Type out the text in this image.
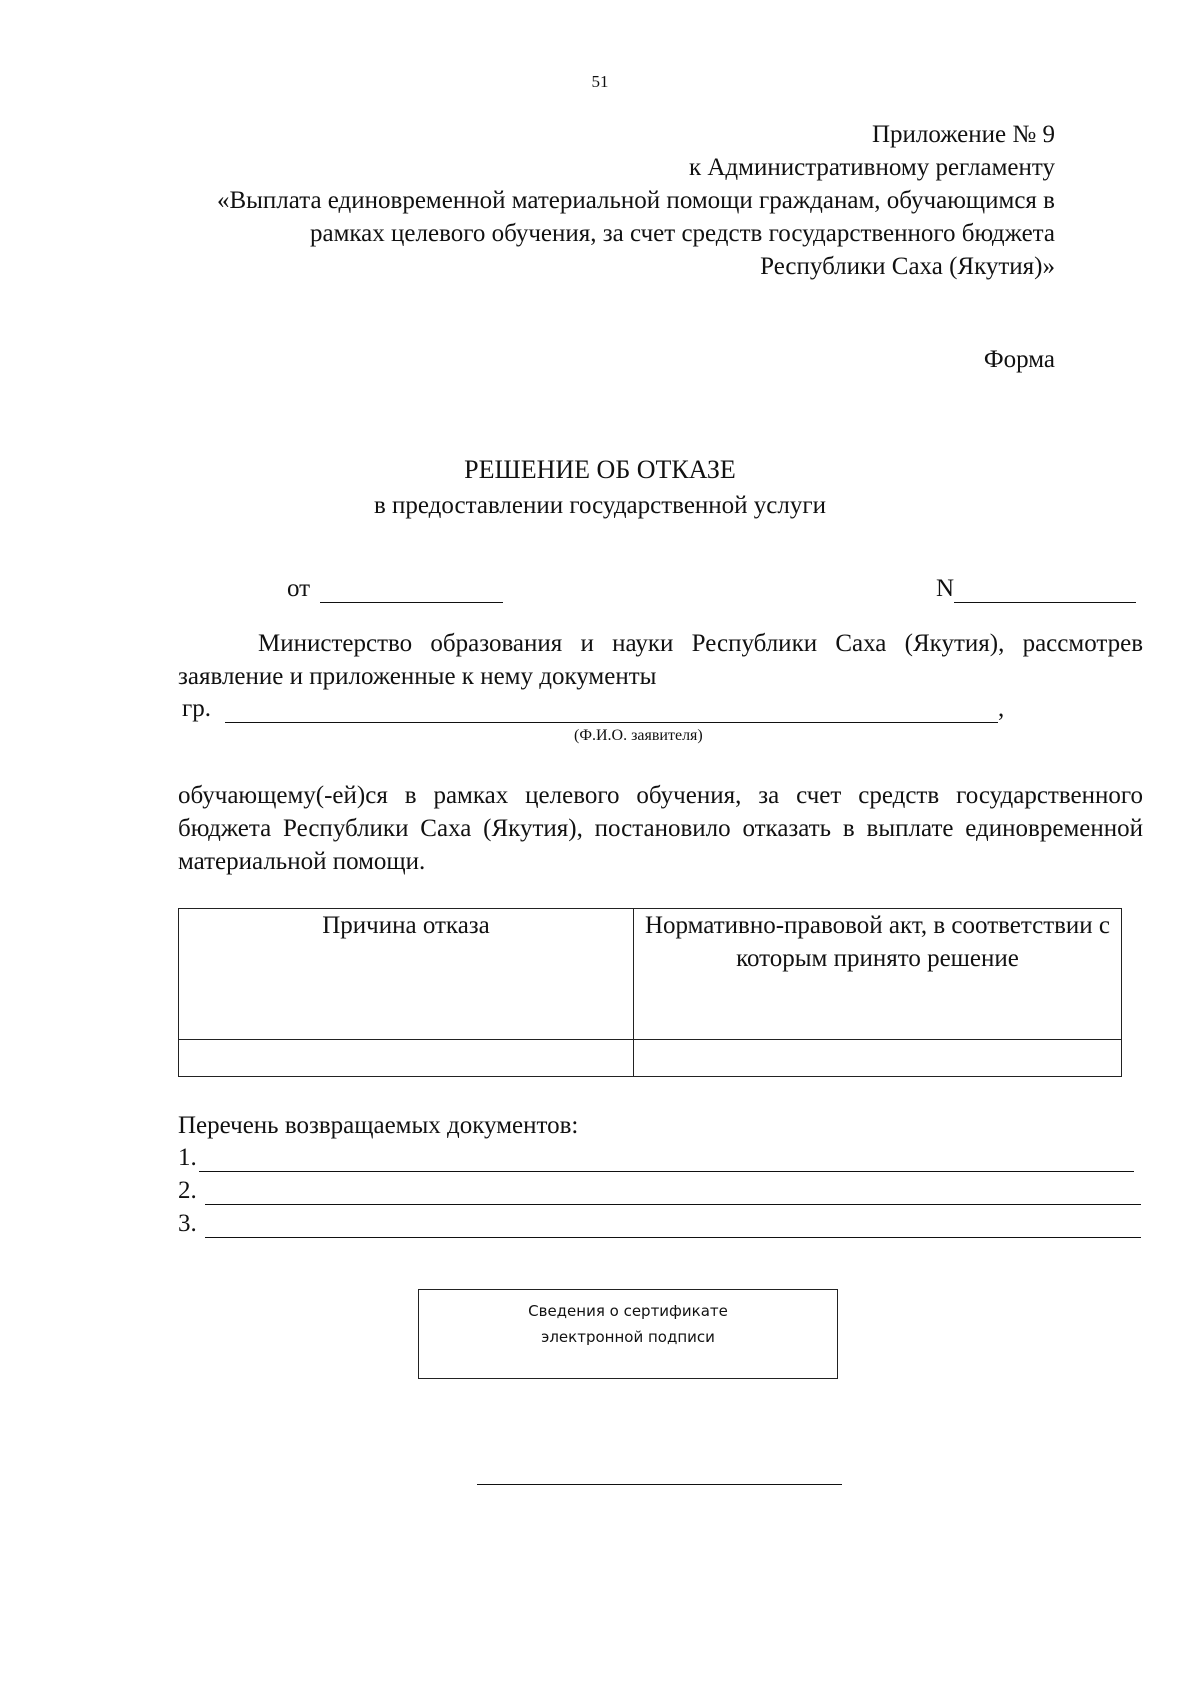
51
Приложение № 9
к Административному регламенту
«Выплата единовременной материальной помощи гражданам, обучающимся в
рамках целевого обучения, за счет средств государственного бюджета
Республики Саха (Якутия)»
Форма
РЕШЕНИЕ ОБ ОТКАЗЕ
в предоставлении государственной услуги
от	N
Министерство образования и науки Республики Саха (Якутия), рассмотрев заявление и приложенные к нему документы
гр.	,
(Ф.И.О. заявителя)
обучающему(-ей)ся в рамках целевого обучения, за счет средств государственного бюджета Республики Саха (Якутия), постановило отказать в выплате единовременной материальной помощи.
Причина отказа	Нормативно-правовой акт, в соответствии с которым принято решение

Перечень возвращаемых документов:
1.
2.
3.
Сведения о сертификате
электронной подписи
